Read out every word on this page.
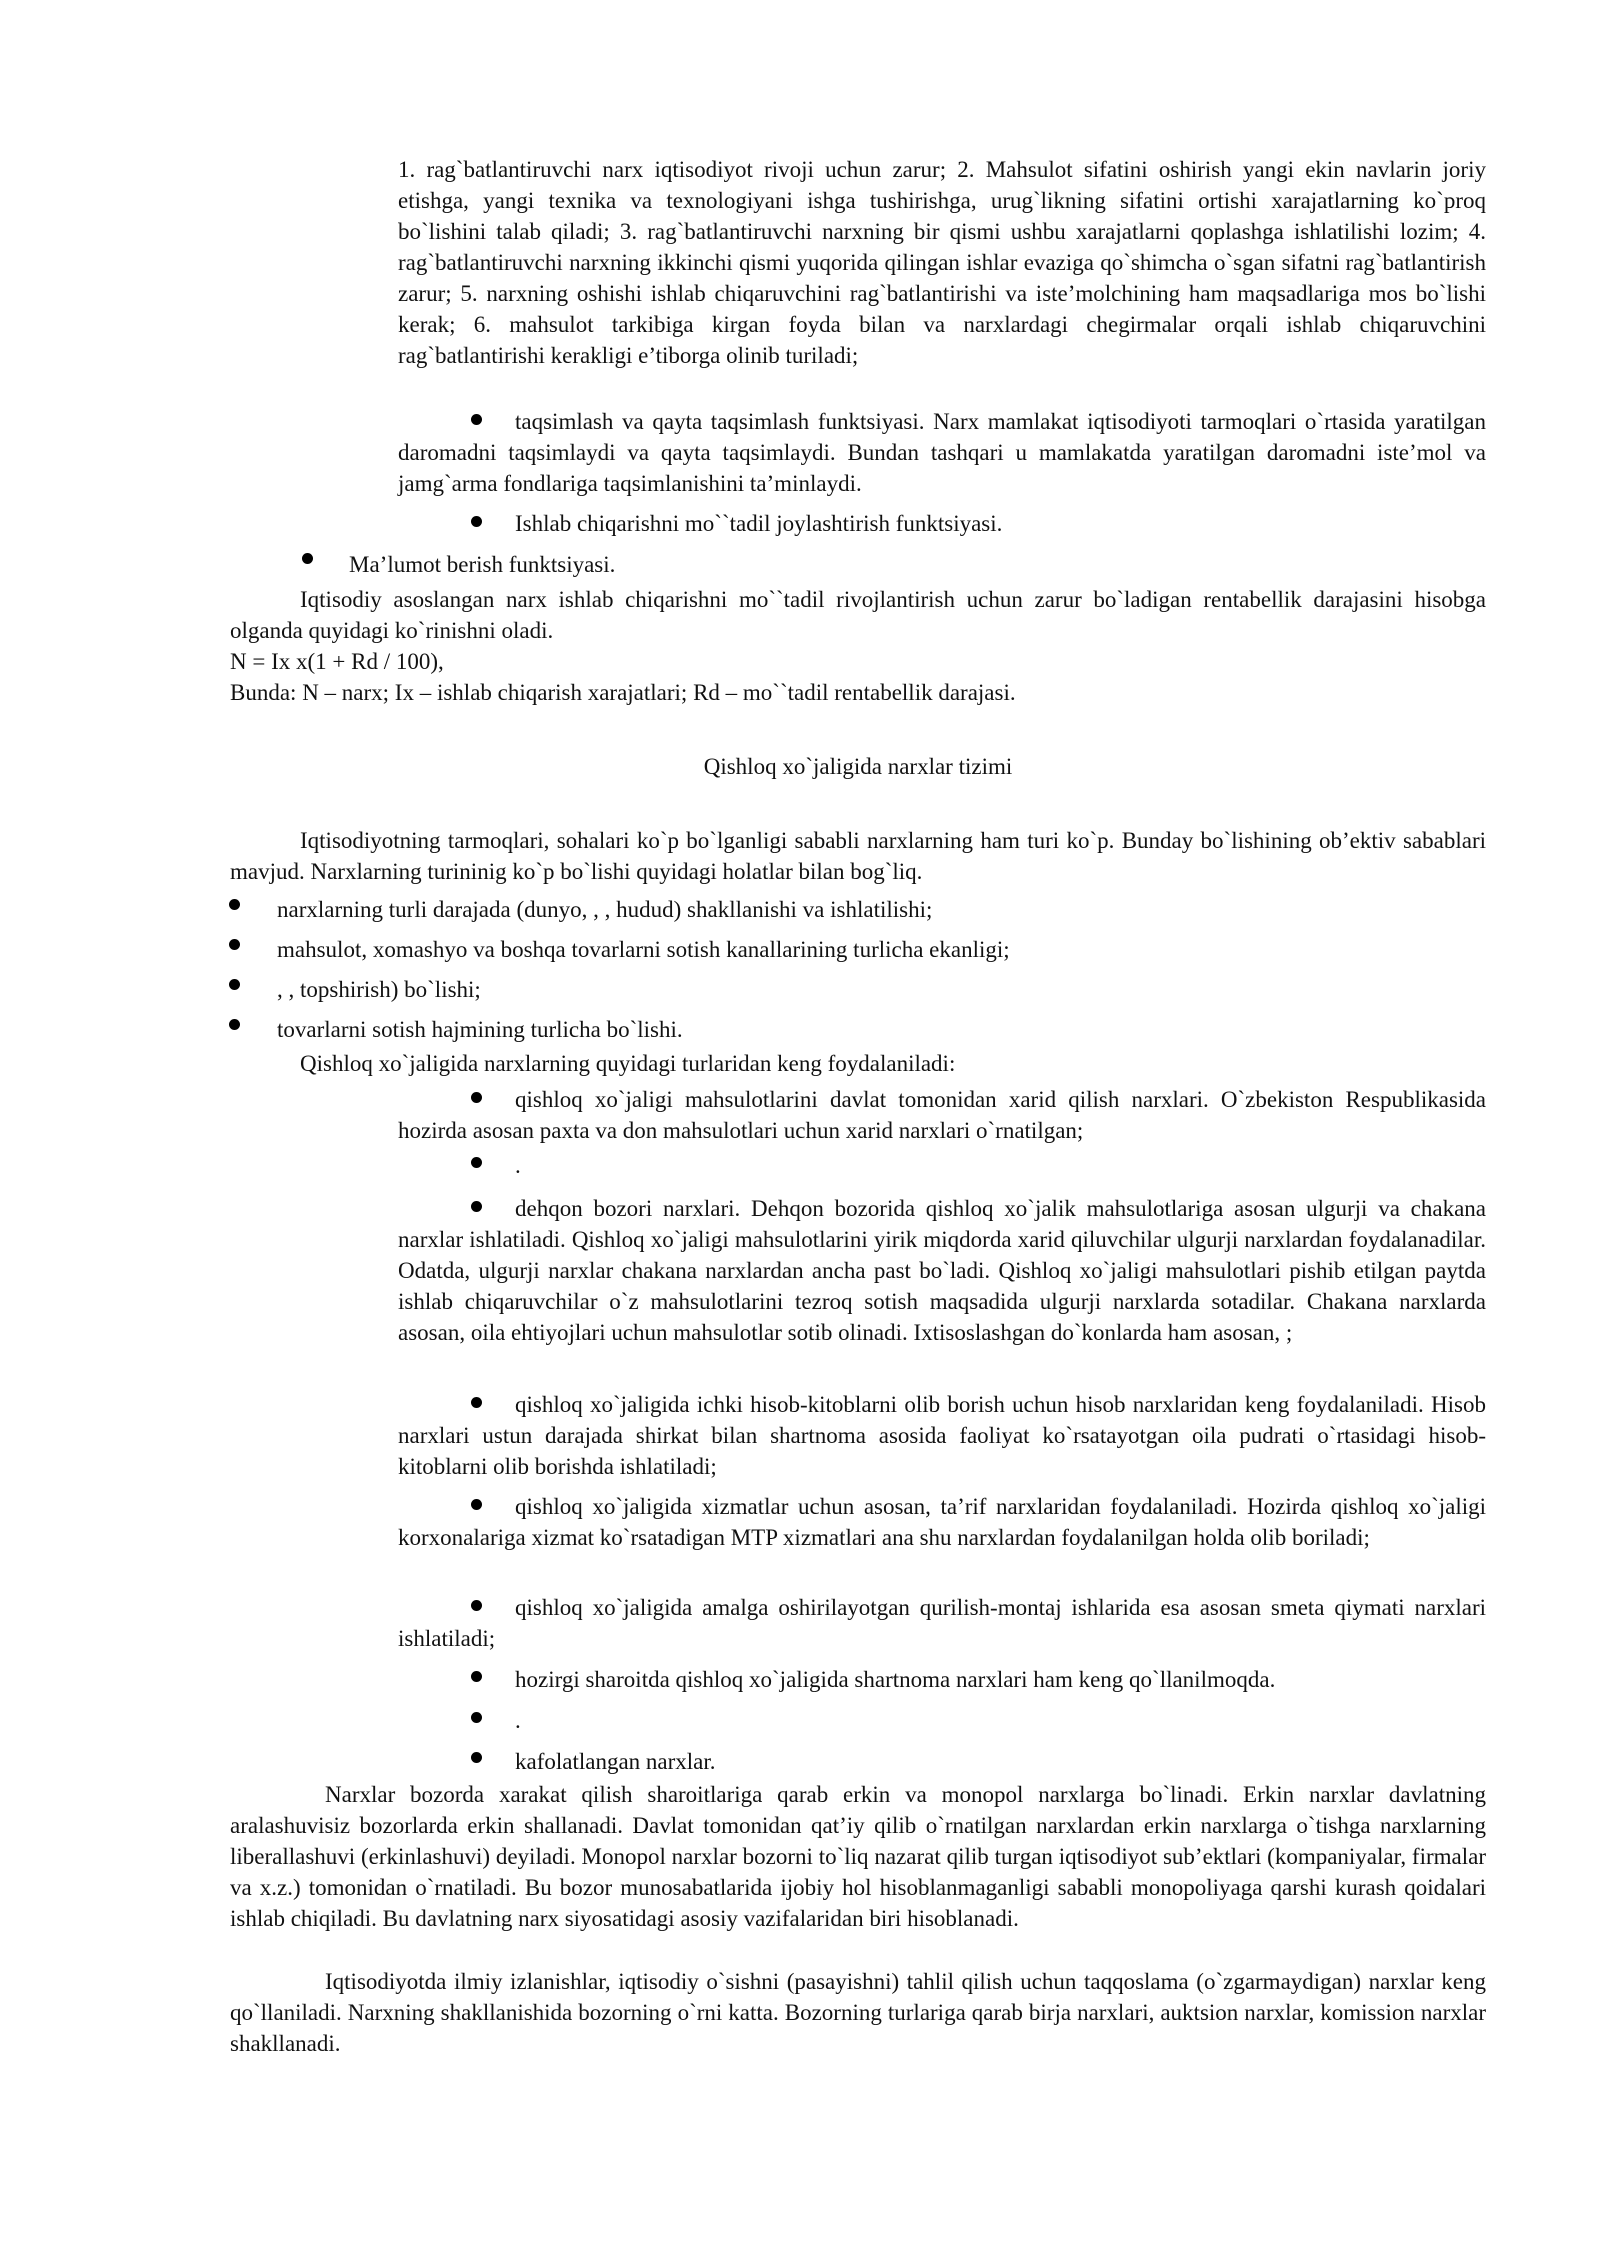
1. rag`batlantiruvchi narx iqtisodiyot rivoji uchun zarur; 2. Mahsulot sifatini oshirish yangi ekin navlarin joriy etishga, yangi texnika va texnologiyani ishga tushirishga, urug`likning sifatini ortishi xarajatlarning ko`proq bo`lishini talab qiladi; 3. rag`batlantiruvchi narxning bir qismi ushbu xarajatlarni qoplashga ishlatilishi lozim; 4. rag`batlantiruvchi narxning ikkinchi qismi yuqorida qilingan ishlar evaziga qo`shimcha o`sgan sifatni rag`batlantirish zarur; 5. narxning oshishi ishlab chiqaruvchini rag`batlantirishi va iste’molchining ham maqsadlariga mos bo`lishi kerak; 6. mahsulot tarkibiga kirgan foyda bilan va narxlardagi chegirmalar orqali ishlab chiqaruvchini rag`batlantirishi kerakligi e’tiborga olinib turiladi;

taqsimlash va qayta taqsimlash funktsiyasi. Narx mamlakat iqtisodiyoti tarmoqlari o`rtasida yaratilgan daromadni taqsimlaydi va qayta taqsimlaydi. Bundan tashqari u mamlakatda yaratilgan daromadni iste’mol va jamg`arma fondlariga taqsimlanishini ta’minlaydi.

Ishlab chiqarishni mo``tadil joylashtirish funktsiyasi.

Ma’lumot berish funktsiyasi.

Iqtisodiy asoslangan narx ishlab chiqarishni mo``tadil rivojlantirish uchun zarur bo`ladigan rentabellik darajasini hisobga olganda quyidagi ko`rinishni oladi.

N = Ix x(1 + Rd / 100),

Bunda: N – narx; Ix – ishlab chiqarish xarajatlari; Rd – mo``tadil rentabellik darajasi.

Qishloq xo`jaligida narxlar tizimi

Iqtisodiyotning tarmoqlari, sohalari ko`p bo`lganligi sababli narxlarning ham turi ko`p. Bunday bo`lishining ob’ektiv sabablari mavjud. Narxlarning turininig ko`p bo`lishi quyidagi holatlar bilan bog`liq.

narxlarning turli darajada (dunyo, , , hudud) shakllanishi va ishlatilishi;

mahsulot, xomashyo va boshqa tovarlarni sotish kanallarining turlicha ekanligi;

, , topshirish) bo`lishi;

tovarlarni sotish hajmining turlicha bo`lishi.

Qishloq xo`jaligida narxlarning quyidagi turlaridan keng foydalaniladi:

qishloq xo`jaligi mahsulotlarini davlat tomonidan xarid qilish narxlari. O`zbekiston Respublikasida hozirda asosan paxta va don mahsulotlari uchun xarid narxlari o`rnatilgan;

.

dehqon bozori narxlari. Dehqon bozorida qishloq xo`jalik mahsulotlariga asosan ulgurji va chakana narxlar ishlatiladi. Qishloq xo`jaligi mahsulotlarini yirik miqdorda xarid qiluvchilar ulgurji narxlardan foydalanadilar. Odatda, ulgurji narxlar chakana narxlardan ancha past bo`ladi. Qishloq xo`jaligi mahsulotlari pishib etilgan paytda ishlab chiqaruvchilar o`z mahsulotlarini tezroq sotish maqsadida ulgurji narxlarda sotadilar. Chakana narxlarda asosan, oila ehtiyojlari uchun mahsulotlar sotib olinadi. Ixtisoslashgan do`konlarda ham asosan, ;

qishloq xo`jaligida ichki hisob-kitoblarni olib borish uchun hisob narxlaridan keng foydalaniladi. Hisob narxlari ustun darajada shirkat bilan shartnoma asosida faoliyat ko`rsatayotgan oila pudrati o`rtasidagi hisob-kitoblarni olib borishda ishlatiladi;

qishloq xo`jaligida xizmatlar uchun asosan, ta’rif narxlaridan foydalaniladi. Hozirda qishloq xo`jaligi korxonalariga xizmat ko`rsatadigan MTP xizmatlari ana shu narxlardan foydalanilgan holda olib boriladi;

qishloq xo`jaligida amalga oshirilayotgan qurilish-montaj ishlarida esa asosan smeta qiymati narxlari ishlatiladi;

hozirgi sharoitda qishloq xo`jaligida shartnoma narxlari ham keng qo`llanilmoqda.

.

kafolatlangan narxlar.

Narxlar bozorda xarakat qilish sharoitlariga qarab erkin va monopol narxlarga bo`linadi. Erkin narxlar davlatning aralashuvisiz bozorlarda erkin shallanadi. Davlat tomonidan qat’iy qilib o`rnatilgan narxlardan erkin narxlarga o`tishga narxlarning liberallashuvi (erkinlashuvi) deyiladi. Monopol narxlar bozorni to`liq nazarat qilib turgan iqtisodiyot sub’ektlari (kompaniyalar, firmalar va x.z.) tomonidan o`rnatiladi. Bu bozor munosabatlarida ijobiy hol hisoblanmaganligi sababli monopoliyaga qarshi kurash qoidalari ishlab chiqiladi. Bu davlatning narx siyosatidagi asosiy vazifalaridan biri hisoblanadi.

Iqtisodiyotda ilmiy izlanishlar, iqtisodiy o`sishni (pasayishni) tahlil qilish uchun taqqoslama (o`zgarmaydigan) narxlar keng qo`llaniladi. Narxning shakllanishida bozorning o`rni katta. Bozorning turlariga qarab birja narxlari, auktsion narxlar, komission narxlar shakllanadi.
